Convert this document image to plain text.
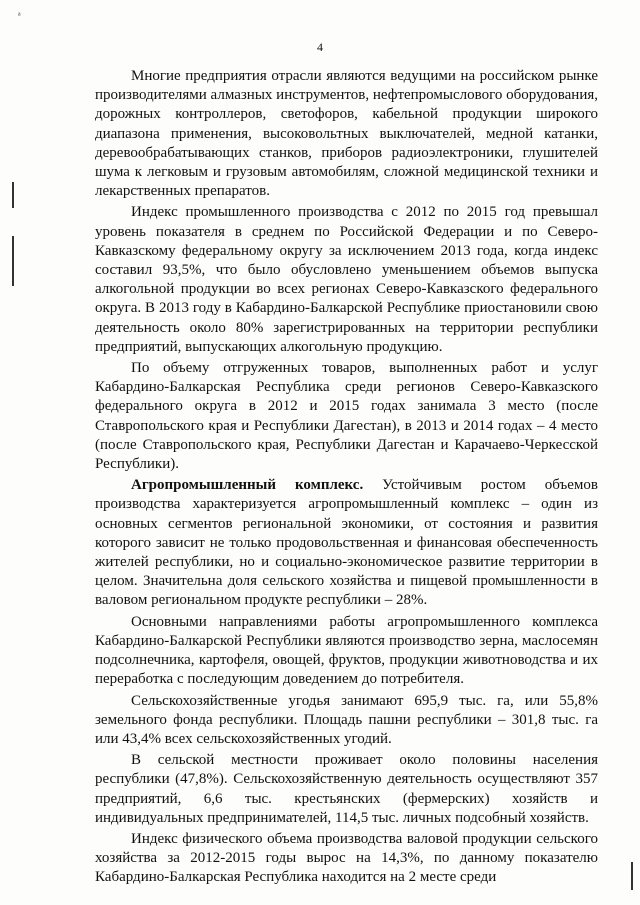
ᵃ
4

Многие предприятия отрасли являются ведущими на российском рынке производителями алмазных инструментов, нефтепромыслового оборудования, дорожных контроллеров, светофоров, кабельной продукции широкого диапазона применения, высоковольтных выключателей, медной катанки, деревообрабатывающих станков, приборов радиоэлектроники, глушителей шума к легковым и грузовым автомобилям, сложной медицинской техники и лекарственных препаратов.

Индекс промышленного производства с 2012 по 2015 год превышал уровень показателя в среднем по Российской Федерации и по Северо-Кавказскому федеральному округу за исключением 2013 года, когда индекс составил 93,5%, что было обусловлено уменьшением объемов выпуска алкогольной продукции во всех регионах Северо-Кавказского федерального округа. В 2013 году в Кабардино-Балкарской Республике приостановили свою деятельность около 80% зарегистрированных на территории республики предприятий, выпускающих алкогольную продукцию.

По объему отгруженных товаров, выполненных работ и услуг Кабардино-Балкарская Республика среди регионов Северо-Кавказского федерального округа в 2012 и 2015 годах занимала 3 место (после Ставропольского края и Республики Дагестан), в 2013 и 2014 годах – 4 место (после Ставропольского края, Республики Дагестан и Карачаево-Черкесской Республики).

Агропромышленный комплекс. Устойчивым ростом объемов производства характеризуется агропромышленный комплекс – один из основных сегментов региональной экономики, от состояния и развития которого зависит не только продовольственная и финансовая обеспеченность жителей республики, но и социально-экономическое развитие территории в целом. Значительна доля сельского хозяйства и пищевой промышленности в валовом региональном продукте республики – 28%.

Основными направлениями работы агропромышленного комплекса Кабардино-Балкарской Республики являются производство зерна, маслосемян подсолнечника, картофеля, овощей, фруктов, продукции животноводства и их переработка с последующим доведением до потребителя.

Сельскохозяйственные угодья занимают 695,9 тыс. га, или 55,8% земельного фонда республики. Площадь пашни республики – 301,8 тыс. га или 43,4% всех сельскохозяйственных угодий.

В сельской местности проживает около половины населения республики (47,8%). Сельскохозяйственную деятельность осуществляют 357 предприятий, 6,6 тыс. крестьянских (фермерских) хозяйств и индивидуальных предпринимателей, 114,5 тыс. личных подсобный хозяйств.

Индекс физического объема производства валовой продукции сельского хозяйства за 2012-2015 годы вырос на 14,3%, по данному показателю Кабардино-Балкарская Республика находится на 2 месте среди
